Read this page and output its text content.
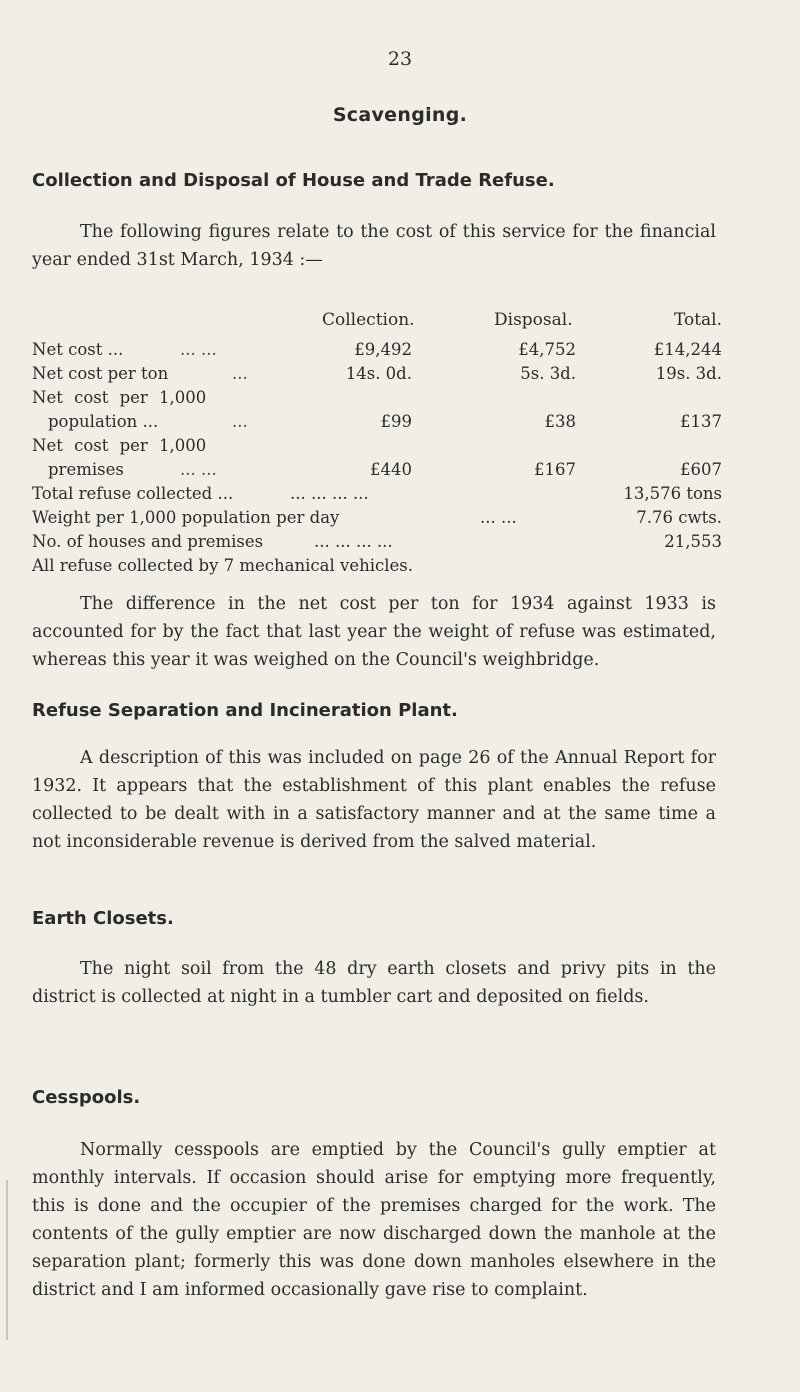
23
Scavenging.
Collection and Disposal of House and Trade Refuse.

The following figures relate to the cost of this service for the financial year ended 31st March, 1934 :—

Collection.	Disposal.	Total.
Net cost ...	... ...	£9,492	£4,752	£14,244
Net cost per ton	...	14s. 0d.	5s. 3d.	19s. 3d.
Net cost per 1,000
population ...	...	£99	£38	£137
Net cost per 1,000
premises	... ...	£440	£167	£607
Total refuse collected ...	... ... ... ...	13,576 tons
Weight per 1,000 population per day	... ...	7.76 cwts.
No. of houses and premises	... ... ... ...	21,553
All refuse collected by 7 mechanical vehicles.

The difference in the net cost per ton for 1934 against 1933 is accounted for by the fact that last year the weight of refuse was estimated, whereas this year it was weighed on the Council's weighbridge.

Refuse Separation and Incineration Plant.

A description of this was included on page 26 of the Annual Report for 1932. It appears that the establishment of this plant enables the refuse collected to be dealt with in a satisfactory manner and at the same time a not inconsiderable revenue is derived from the salved material.

Earth Closets.

The night soil from the 48 dry earth closets and privy pits in the district is collected at night in a tumbler cart and deposited on fields.

Cesspools.

Normally cesspools are emptied by the Council's gully emptier at monthly intervals. If occasion should arise for emptying more frequently, this is done and the occupier of the premises charged for the work. The contents of the gully emptier are now discharged down the manhole at the separation plant; formerly this was done down manholes elsewhere in the district and I am informed occasionally gave rise to complaint.
